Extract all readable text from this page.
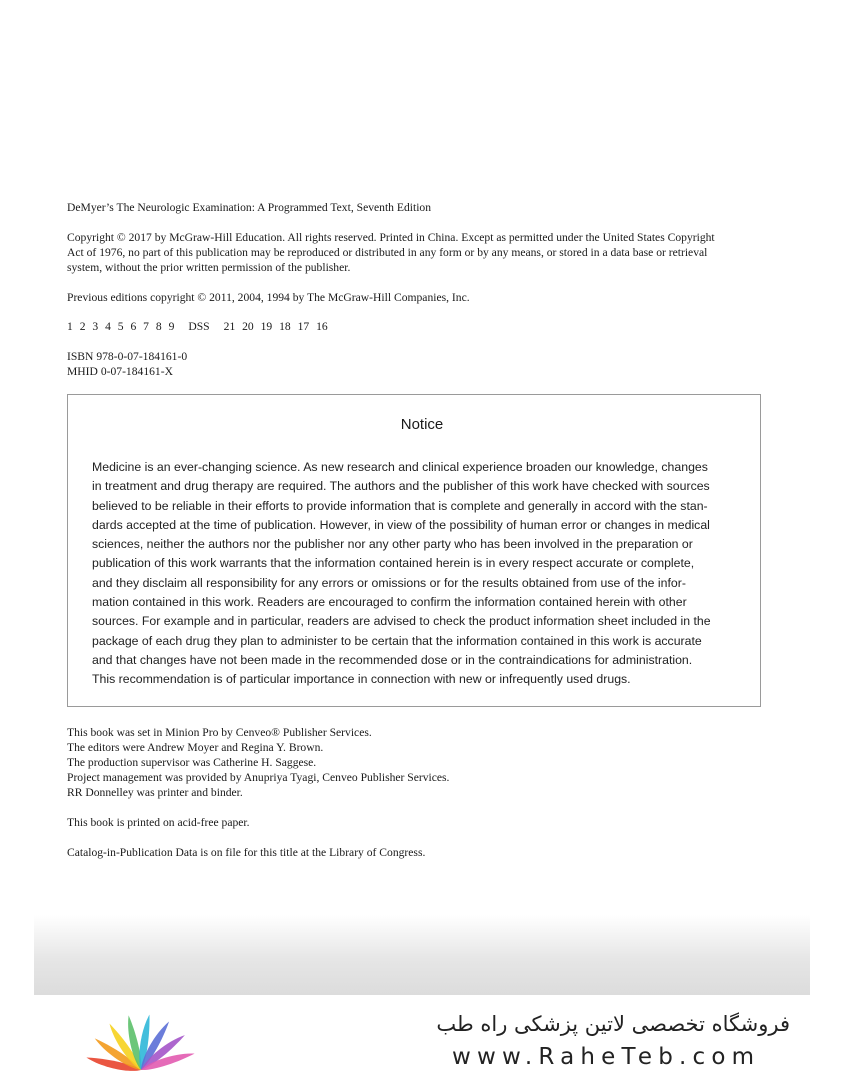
DeMyer’s The Neurologic Examination: A Programmed Text, Seventh Edition
Copyright © 2017 by McGraw-Hill Education. All rights reserved. Printed in China. Except as permitted under the United States Copyright
Act of 1976, no part of this publication may be reproduced or distributed in any form or by any means, or stored in a data base or retrieval
system, without the prior written permission of the publisher.
Previous editions copyright © 2011, 2004, 1994 by The McGraw-Hill Companies, Inc.
1 2 3 4 5 6 7 8 9 DSS 21 20 19 18 17 16
ISBN 978-0-07-184161-0
MHID 0-07-184161-X
Notice
Medicine is an ever-changing science. As new research and clinical experience broaden our knowledge, changes
in treatment and drug therapy are required. The authors and the publisher of this work have checked with sources
believed to be reliable in their efforts to provide information that is complete and generally in accord with the stan-
dards accepted at the time of publication. However, in view of the possibility of human error or changes in medical
sciences, neither the authors nor the publisher nor any other party who has been involved in the preparation or
publication of this work warrants that the information contained herein is in every respect accurate or complete,
and they disclaim all responsibility for any errors or omissions or for the results obtained from use of the infor-
mation contained in this work. Readers are encouraged to confirm the information contained herein with other
sources. For example and in particular, readers are advised to check the product information sheet included in the
package of each drug they plan to administer to be certain that the information contained in this work is accurate
and that changes have not been made in the recommended dose or in the contraindications for administration.
This recommendation is of particular importance in connection with new or infrequently used drugs.
This book was set in Minion Pro by Cenveo® Publisher Services.
The editors were Andrew Moyer and Regina Y. Brown.
The production supervisor was Catherine H. Saggese.
Project management was provided by Anupriya Tyagi, Cenveo Publisher Services.
RR Donnelley was printer and binder.
This book is printed on acid-free paper.
Catalog-in-Publication Data is on file for this title at the Library of Congress.
فروشگاه تخصصی لاتین پزشکی راه طب
www.RaheTeb.com
